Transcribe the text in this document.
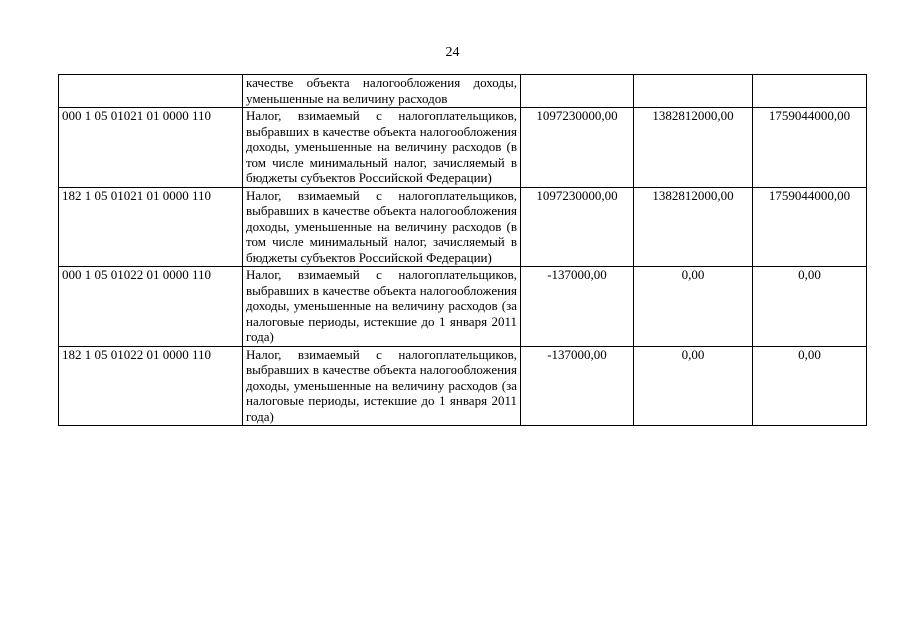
24
	качестве объекта налогообложения доходы, уменьшенные на величину расходов			
000 1 05 01021 01 0000 110	Налог, взимаемый с налогоплательщиков, выбравших в качестве объекта налогообложения доходы, уменьшенные на величину расходов (в том числе минимальный налог, зачисляемый в бюджеты субъектов Российской Федерации)	1097230000,00	1382812000,00	1759044000,00
182 1 05 01021 01 0000 110	Налог, взимаемый с налогоплательщиков, выбравших в качестве объекта налогообложения доходы, уменьшенные на величину расходов (в том числе минимальный налог, зачисляемый в бюджеты субъектов Российской Федерации)	1097230000,00	1382812000,00	1759044000,00
000 1 05 01022 01 0000 110	Налог, взимаемый с налогоплательщиков, выбравших в качестве объекта налогообложения доходы, уменьшенные на величину расходов (за налоговые периоды, истекшие до 1 января 2011 года)	-137000,00	0,00	0,00
182 1 05 01022 01 0000 110	Налог, взимаемый с налогоплательщиков, выбравших в качестве объекта налогообложения доходы, уменьшенные на величину расходов (за налоговые периоды, истекшие до 1 января 2011 года)	-137000,00	0,00	0,00
